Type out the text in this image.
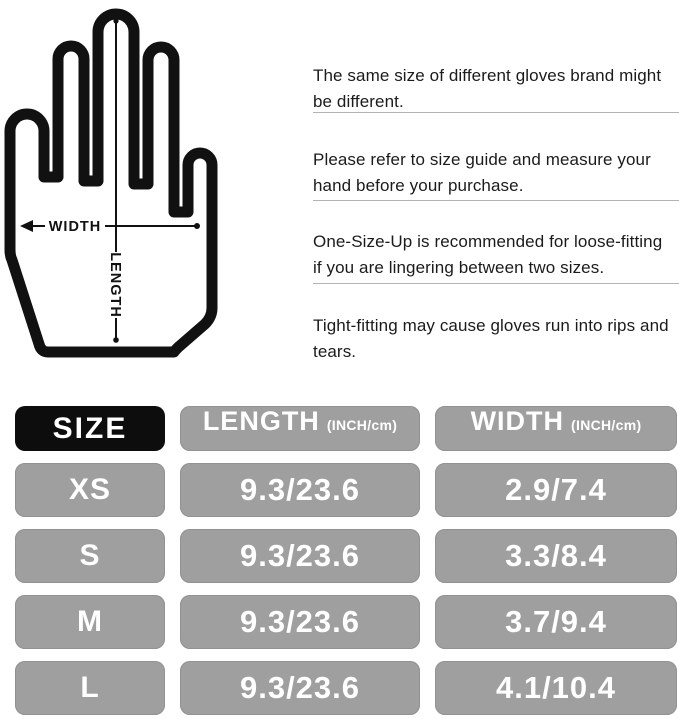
WIDTH
LENGTH

The same size of different gloves brand might be different.

Please refer to size guide and measure your hand before your purchase.

One-Size-Up is recommended for loose-fitting if you are lingering between two sizes.

Tight-fitting may cause gloves run into rips and tears.

SIZE	LENGTH (INCH/cm)	WIDTH (INCH/cm)
XS	9.3/23.6	2.9/7.4
S	9.3/23.6	3.3/8.4
M	9.3/23.6	3.7/9.4
L	9.3/23.6	4.1/10.4
